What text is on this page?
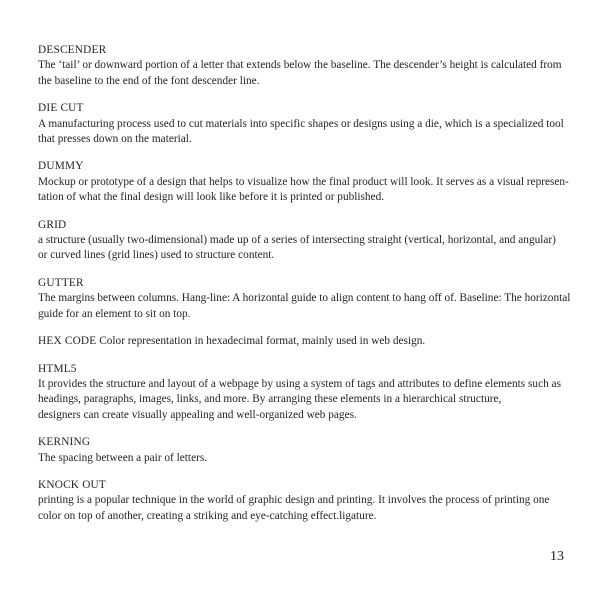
DESCENDER
The ‘tail’ or downward portion of a letter that extends below the baseline. The descender’s height is calculated from
the baseline to the end of the font descender line.
DIE CUT
A manufacturing process used to cut materials into specific shapes or designs using a die, which is a specialized tool
that presses down on the material.
DUMMY
Mockup or prototype of a design that helps to visualize how the final product will look. It serves as a visual represen-
tation of what the final design will look like before it is printed or published.
GRID
a structure (usually two-dimensional) made up of a series of intersecting straight (vertical, horizontal, and angular)
or curved lines (grid lines) used to structure content.
GUTTER
The margins between columns. Hang-line: A horizontal guide to align content to hang off of. Baseline: The horizontal
guide for an element to sit on top.
HEX CODE Color representation in hexadecimal format, mainly used in web design.
HTML5
It provides the structure and layout of a webpage by using a system of tags and attributes to define elements such as
headings, paragraphs, images, links, and more. By arranging these elements in a hierarchical structure,
designers can create visually appealing and well-organized web pages.
KERNING
The spacing between a pair of letters.
KNOCK OUT
printing is a popular technique in the world of graphic design and printing. It involves the process of printing one
color on top of another, creating a striking and eye-catching effect.ligature.
13
